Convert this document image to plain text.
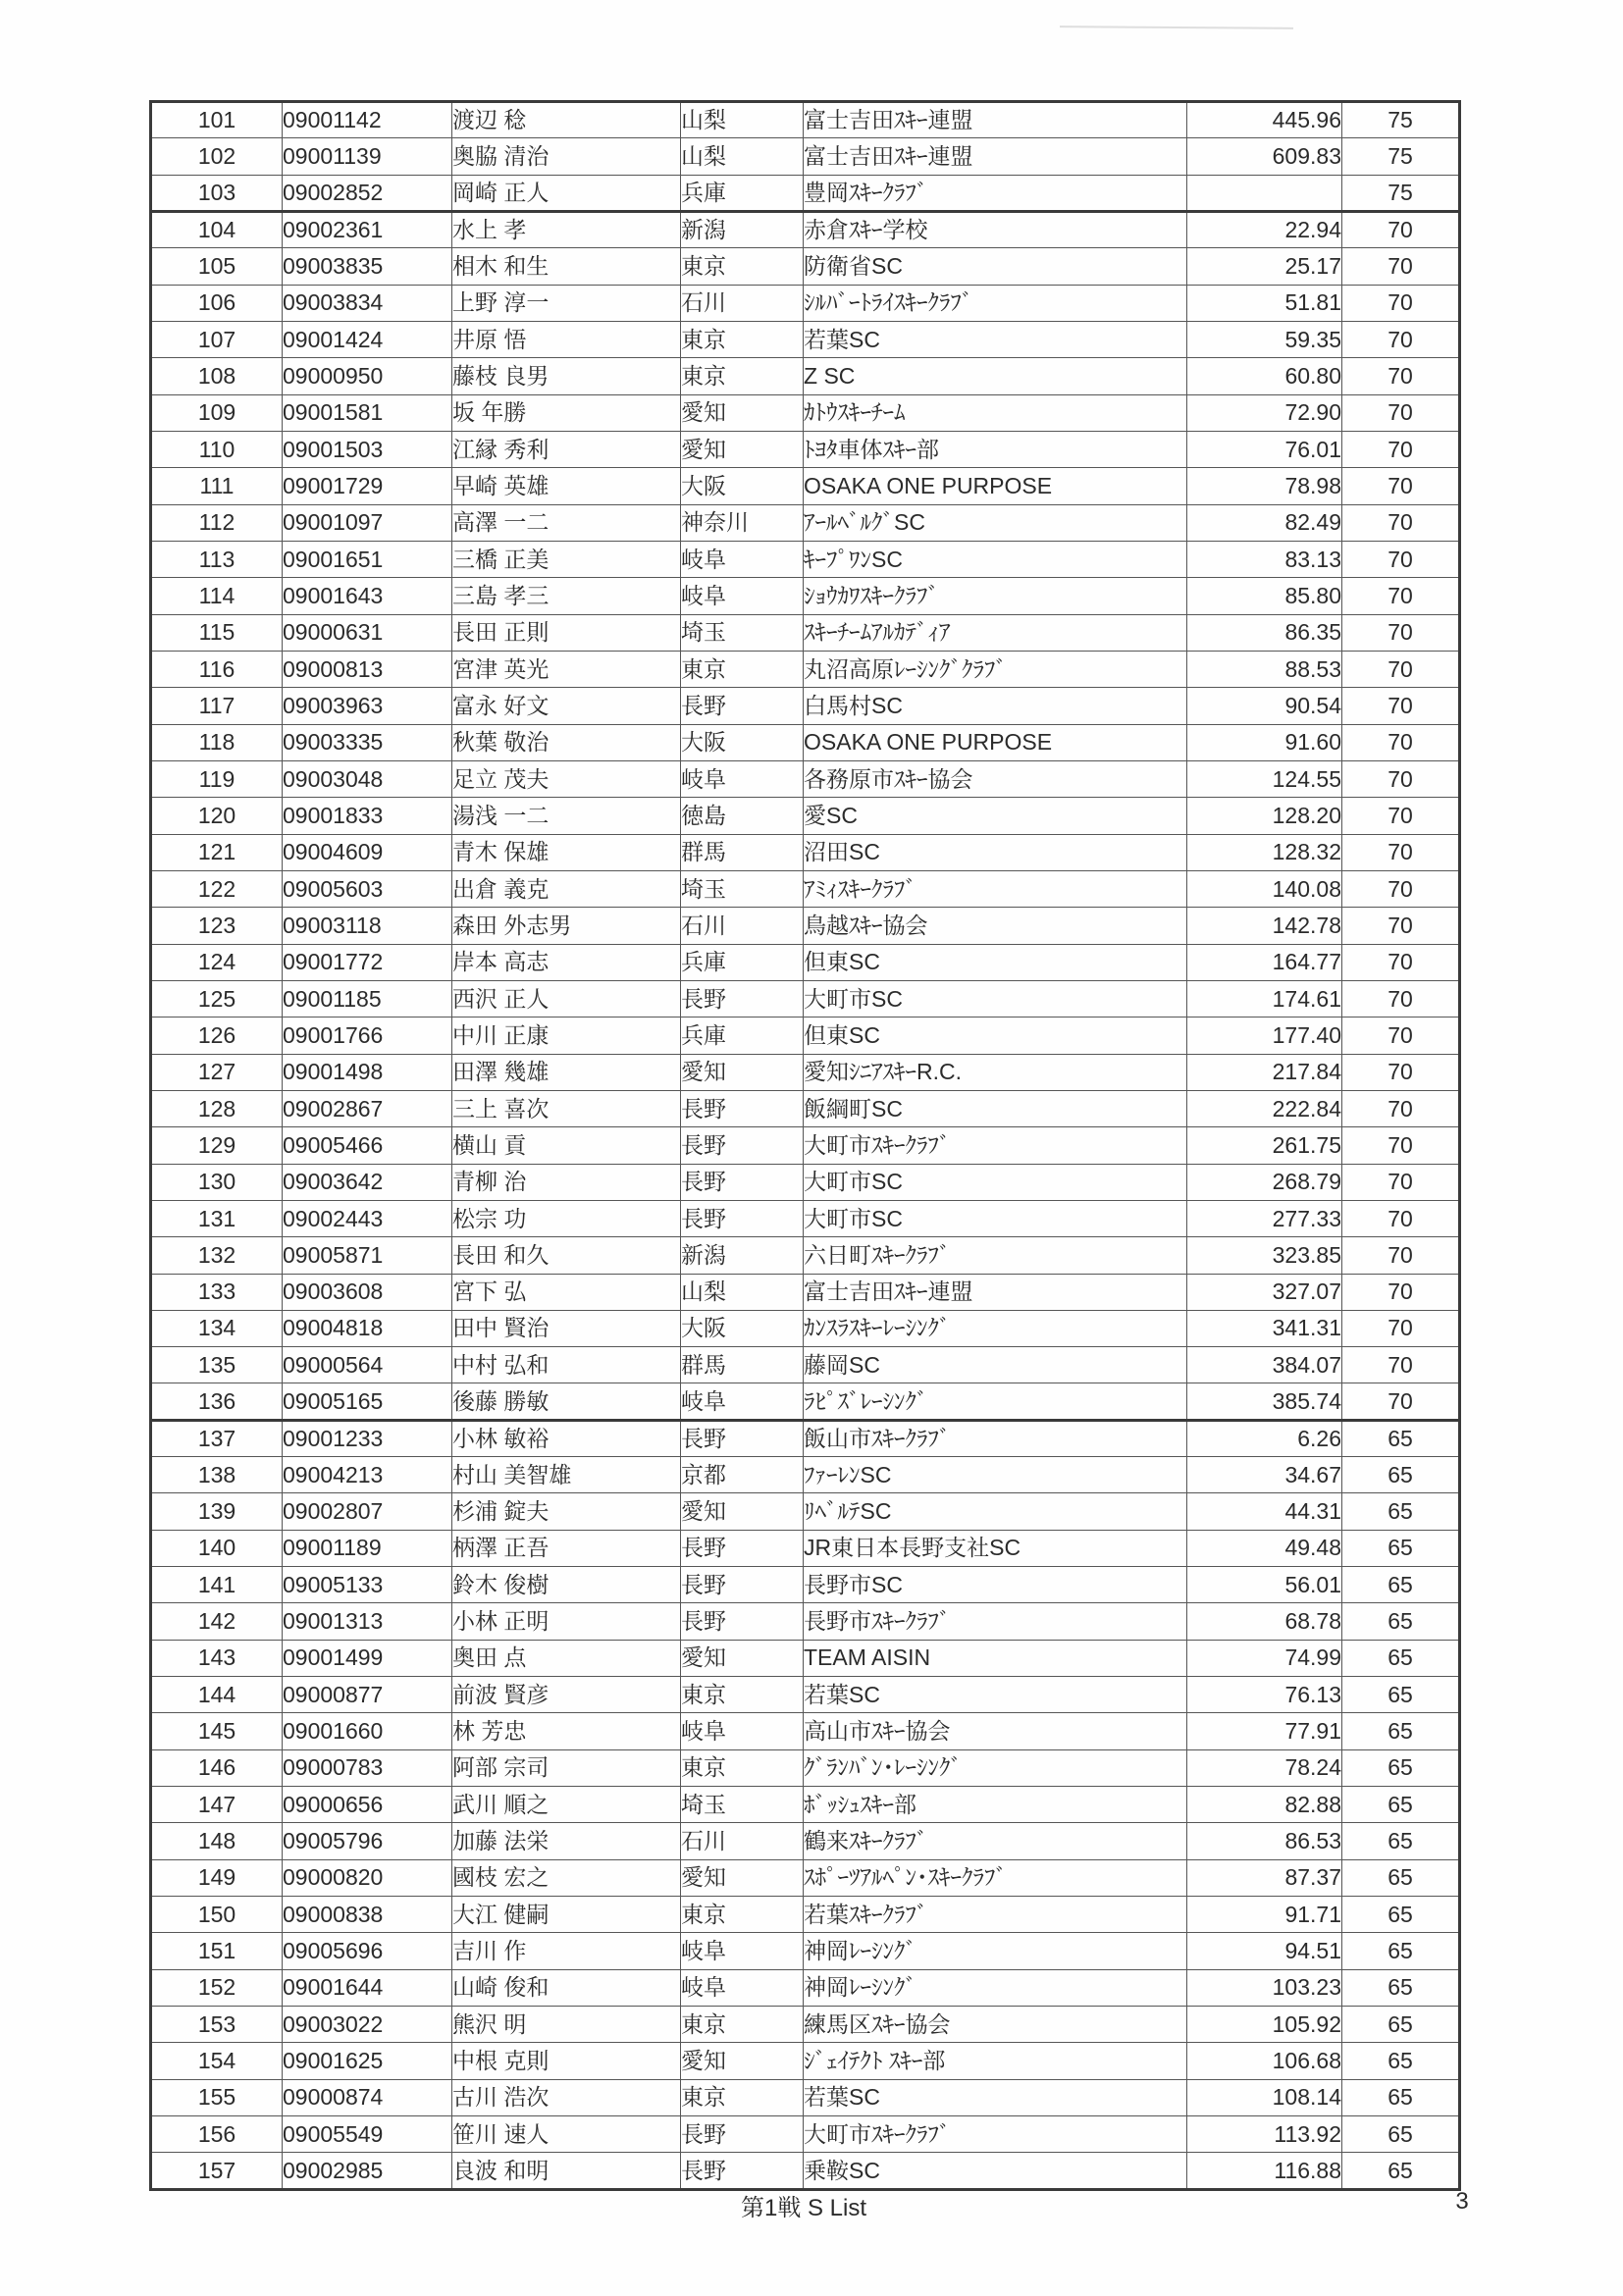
101	09001142	渡辺 稔	山梨	富士吉田ｽｷｰ連盟	445.96	75
102	09001139	奥脇 清治	山梨	富士吉田ｽｷｰ連盟	609.83	75
103	09002852	岡崎 正人	兵庫	豊岡ｽｷｰｸﾗﾌﾞ		75
104	09002361	水上 孝	新潟	赤倉ｽｷｰ学校	22.94	70
105	09003835	相木 和生	東京	防衛省SC	25.17	70
106	09003834	上野 淳一	石川	ｼﾙﾊﾞｰﾄﾗｲｽｷｰｸﾗﾌﾞ	51.81	70
107	09001424	井原 悟	東京	若葉SC	59.35	70
108	09000950	藤枝 良男	東京	Z SC	60.80	70
109	09001581	坂 年勝	愛知	ｶﾄｳｽｷｰﾁｰﾑ	72.90	70
110	09001503	江縁 秀利	愛知	ﾄﾖﾀ車体ｽｷｰ部	76.01	70
111	09001729	早崎 英雄	大阪	OSAKA ONE PURPOSE	78.98	70
112	09001097	高澤 一二	神奈川	ｱｰﾙﾍﾞﾙｸﾞSC	82.49	70
113	09001651	三橋 正美	岐阜	ｷｰﾌﾟﾜﾝSC	83.13	70
114	09001643	三島 孝三	岐阜	ｼｮｳｶﾜｽｷｰｸﾗﾌﾞ	85.80	70
115	09000631	長田 正則	埼玉	ｽｷｰﾁｰﾑｱﾙｶﾃﾞｨｱ	86.35	70
116	09000813	宮津 英光	東京	丸沼高原ﾚｰｼﾝｸﾞｸﾗﾌﾞ	88.53	70
117	09003963	富永 好文	長野	白馬村SC	90.54	70
118	09003335	秋葉 敬治	大阪	OSAKA ONE PURPOSE	91.60	70
119	09003048	足立 茂夫	岐阜	各務原市ｽｷｰ協会	124.55	70
120	09001833	湯浅 一二	徳島	愛SC	128.20	70
121	09004609	青木 保雄	群馬	沼田SC	128.32	70
122	09005603	出倉 義克	埼玉	ｱﾐｨｽｷｰｸﾗﾌﾞ	140.08	70
123	09003118	森田 外志男	石川	鳥越ｽｷｰ協会	142.78	70
124	09001772	岸本 高志	兵庫	但東SC	164.77	70
125	09001185	西沢 正人	長野	大町市SC	174.61	70
126	09001766	中川 正康	兵庫	但東SC	177.40	70
127	09001498	田澤 幾雄	愛知	愛知ｼﾆｱｽｷｰR.C.	217.84	70
128	09002867	三上 喜次	長野	飯綱町SC	222.84	70
129	09005466	横山 貢	長野	大町市ｽｷｰｸﾗﾌﾞ	261.75	70
130	09003642	青柳 治	長野	大町市SC	268.79	70
131	09002443	松宗 功	長野	大町市SC	277.33	70
132	09005871	長田 和久	新潟	六日町ｽｷｰｸﾗﾌﾞ	323.85	70
133	09003608	宮下 弘	山梨	富士吉田ｽｷｰ連盟	327.07	70
134	09004818	田中 賢治	大阪	ｶﾝｽﾗｽｷｰﾚｰｼﾝｸﾞ	341.31	70
135	09000564	中村 弘和	群馬	藤岡SC	384.07	70
136	09005165	後藤 勝敏	岐阜	ﾗﾋﾟｽﾞﾚｰｼﾝｸﾞ	385.74	70
137	09001233	小林 敏裕	長野	飯山市ｽｷｰｸﾗﾌﾞ	6.26	65
138	09004213	村山 美智雄	京都	ﾌｧｰﾚﾝSC	34.67	65
139	09002807	杉浦 錠夫	愛知	ﾘﾍﾞﾙﾃSC	44.31	65
140	09001189	柄澤 正吾	長野	JR東日本長野支社SC	49.48	65
141	09005133	鈴木 俊樹	長野	長野市SC	56.01	65
142	09001313	小林 正明	長野	長野市ｽｷｰｸﾗﾌﾞ	68.78	65
143	09001499	奥田 点	愛知	TEAM AISIN	74.99	65
144	09000877	前波 賢彦	東京	若葉SC	76.13	65
145	09001660	林 芳忠	岐阜	高山市ｽｷｰ協会	77.91	65
146	09000783	阿部 宗司	東京	ｸﾞﾗﾝﾊﾞﾝ･ﾚｰｼﾝｸﾞ	78.24	65
147	09000656	武川 順之	埼玉	ﾎﾞｯｼｭｽｷｰ部	82.88	65
148	09005796	加藤 法栄	石川	鶴来ｽｷｰｸﾗﾌﾞ	86.53	65
149	09000820	國枝 宏之	愛知	ｽﾎﾟｰﾂｱﾙﾍﾟﾝ･ｽｷｰｸﾗﾌﾞ	87.37	65
150	09000838	大江 健嗣	東京	若葉ｽｷｰｸﾗﾌﾞ	91.71	65
151	09005696	吉川 作	岐阜	神岡ﾚｰｼﾝｸﾞ	94.51	65
152	09001644	山崎 俊和	岐阜	神岡ﾚｰｼﾝｸﾞ	103.23	65
153	09003022	熊沢 明	東京	練馬区ｽｷｰ協会	105.92	65
154	09001625	中根 克則	愛知	ｼﾞｪｲﾃｸﾄ ｽｷｰ部	106.68	65
155	09000874	古川 浩次	東京	若葉SC	108.14	65
156	09005549	笹川 速人	長野	大町市ｽｷｰｸﾗﾌﾞ	113.92	65
157	09002985	良波 和明	長野	乗鞍SC	116.88	65
第1戦 S List	3
